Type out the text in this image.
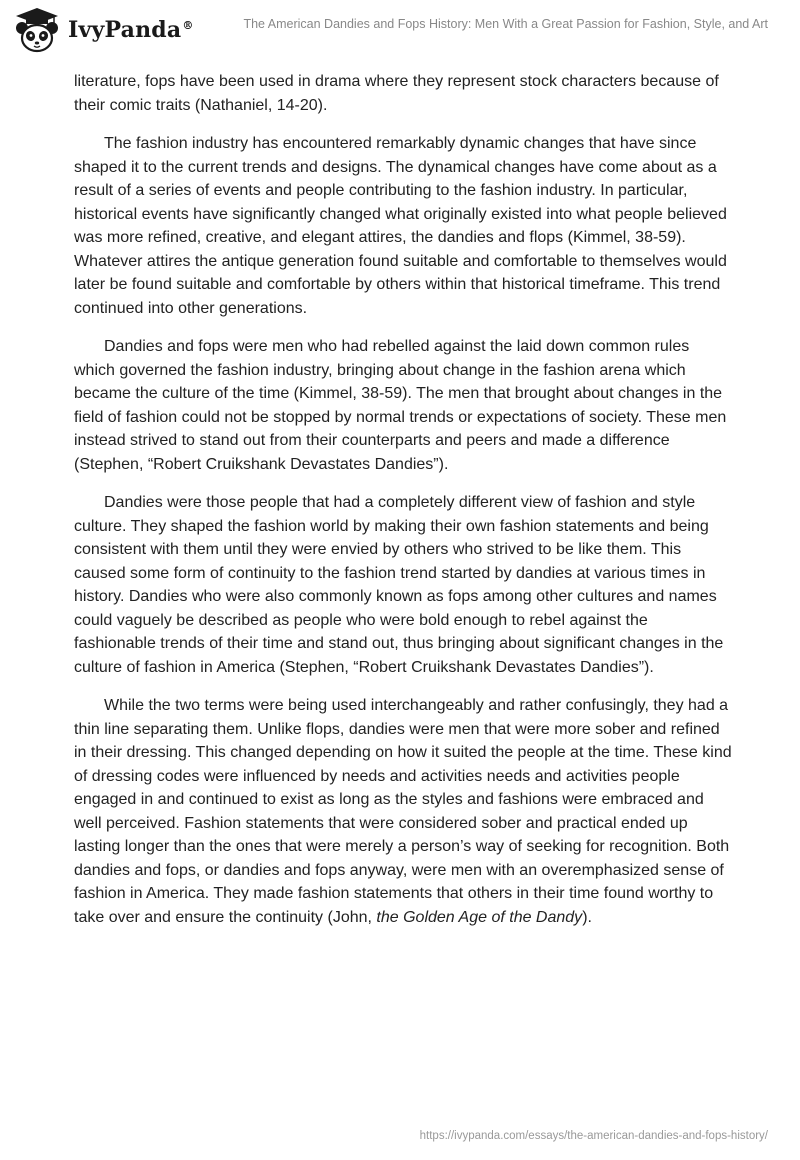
IvyPanda®	The American Dandies and Fops History: Men With a Great Passion for Fashion, Style, and Art

literature, fops have been used in drama where they represent stock characters because of their comic traits (Nathaniel, 14-20).

The fashion industry has encountered remarkably dynamic changes that have since shaped it to the current trends and designs. The dynamical changes have come about as a result of a series of events and people contributing to the fashion industry. In particular, historical events have significantly changed what originally existed into what people believed was more refined, creative, and elegant attires, the dandies and flops (Kimmel, 38-59). Whatever attires the antique generation found suitable and comfortable to themselves would later be found suitable and comfortable by others within that historical timeframe. This trend continued into other generations.

Dandies and fops were men who had rebelled against the laid down common rules which governed the fashion industry, bringing about change in the fashion arena which became the culture of the time (Kimmel, 38-59). The men that brought about changes in the field of fashion could not be stopped by normal trends or expectations of society. These men instead strived to stand out from their counterparts and peers and made a difference (Stephen, “Robert Cruikshank Devastates Dandies”).

Dandies were those people that had a completely different view of fashion and style culture. They shaped the fashion world by making their own fashion statements and being consistent with them until they were envied by others who strived to be like them. This caused some form of continuity to the fashion trend started by dandies at various times in history. Dandies who were also commonly known as fops among other cultures and names could vaguely be described as people who were bold enough to rebel against the fashionable trends of their time and stand out, thus bringing about significant changes in the culture of fashion in America (Stephen, “Robert Cruikshank Devastates Dandies”).

While the two terms were being used interchangeably and rather confusingly, they had a thin line separating them. Unlike flops, dandies were men that were more sober and refined in their dressing. This changed depending on how it suited the people at the time. These kind of dressing codes were influenced by needs and activities needs and activities people engaged in and continued to exist as long as the styles and fashions were embraced and well perceived. Fashion statements that were considered sober and practical ended up lasting longer than the ones that were merely a person’s way of seeking for recognition. Both dandies and fops, or dandies and fops anyway, were men with an overemphasized sense of fashion in America. They made fashion statements that others in their time found worthy to take over and ensure the continuity (John, the Golden Age of the Dandy).

https://ivypanda.com/essays/the-american-dandies-and-fops-history/
